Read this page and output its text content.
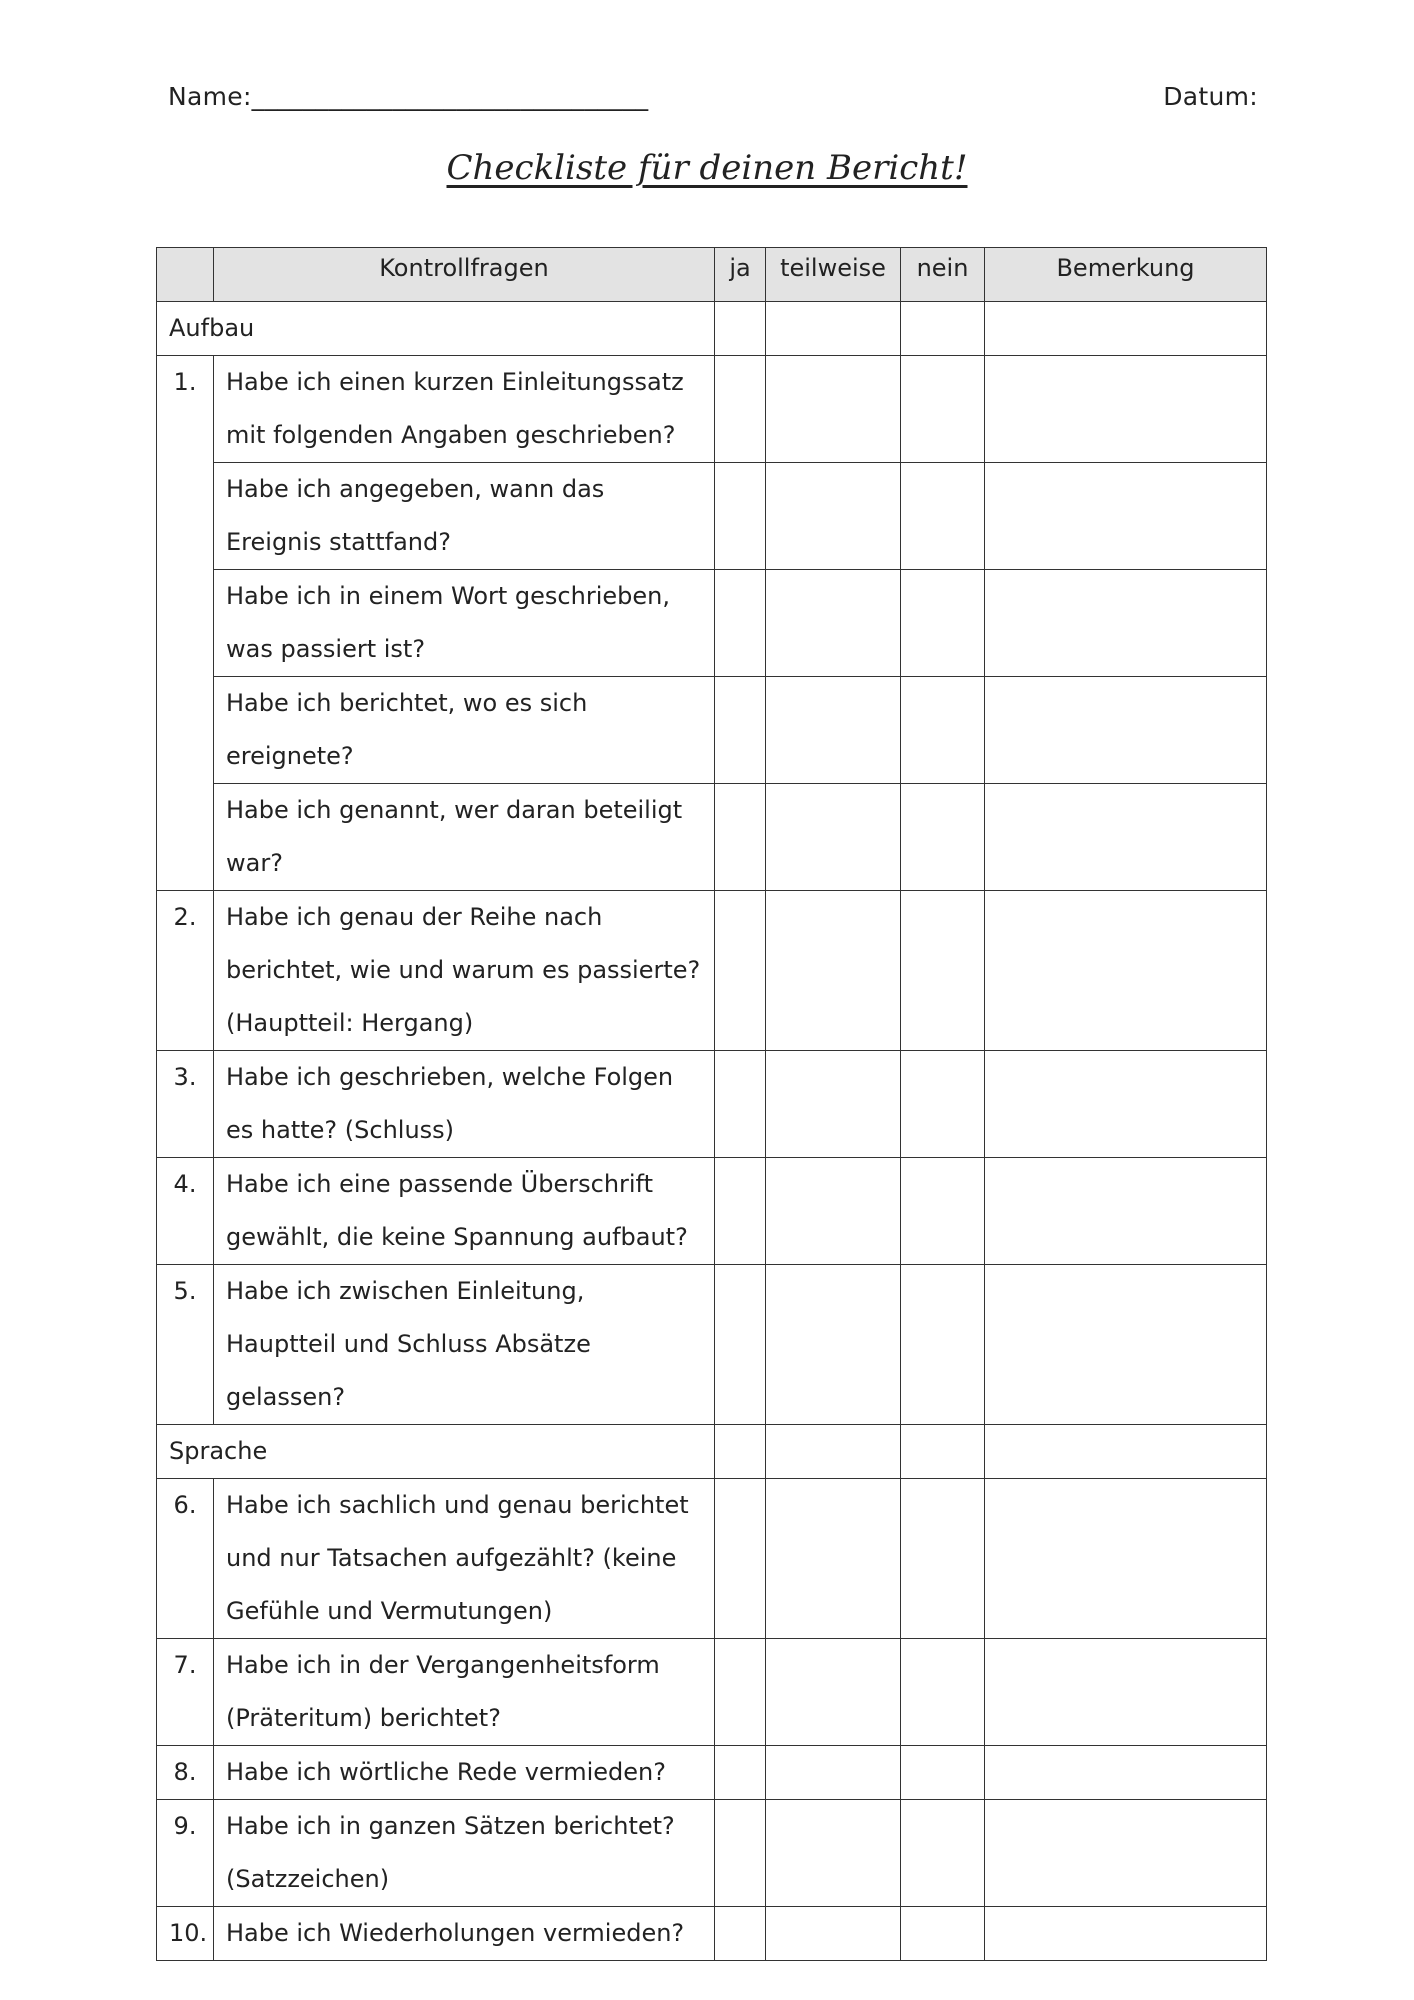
Name:_______________________________	Datum:
Checkliste für deinen Bericht!
	Kontrollfragen	ja	teilweise	nein	Bemerkung
Aufbau					
1.	Habe ich einen kurzen Einleitungssatz mit folgenden Angaben geschrieben?				
	Habe ich angegeben, wann das Ereignis stattfand?				
	Habe ich in einem Wort geschrieben, was passiert ist?				
	Habe ich berichtet, wo es sich ereignete?				
	Habe ich genannt, wer daran beteiligt war?				
2.	Habe ich genau der Reihe nach berichtet, wie und warum es passierte? (Hauptteil: Hergang)				
3.	Habe ich geschrieben, welche Folgen es hatte? (Schluss)				
4.	Habe ich eine passende Überschrift gewählt, die keine Spannung aufbaut?				
5.	Habe ich zwischen Einleitung, Hauptteil und Schluss Absätze gelassen?				
Sprache					
6.	Habe ich sachlich und genau berichtet und nur Tatsachen aufgezählt? (keine Gefühle und Vermutungen)				
7.	Habe ich in der Vergangenheitsform (Präteritum) berichtet?				
8.	Habe ich wörtliche Rede vermieden?				
9.	Habe ich in ganzen Sätzen berichtet? (Satzzeichen)				
10.	Habe ich Wiederholungen vermieden?				
